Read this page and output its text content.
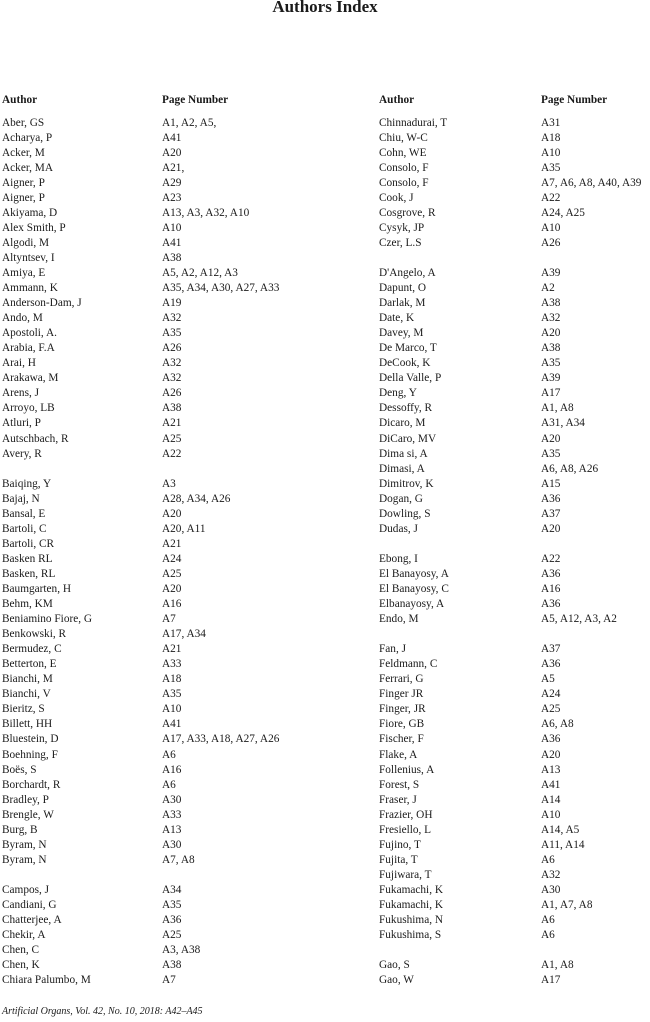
Authors Index
Author	Page Number
Aber, GS	A1, A2, A5,
Acharya, P	A41
Acker, M	A20
Acker, MA	A21,
Aigner, P	A29
Aigner, P	A23
Akiyama, D	A13, A3, A32, A10
Alex Smith, P	A10
Algodi, M	A41
Altyntsev, I	A38
Amiya, E	A5, A2, A12, A3
Ammann, K	A35, A34, A30, A27, A33
Anderson-Dam, J	A19
Ando, M	A32
Apostoli, A.	A35
Arabia, F.A	A26
Arai, H	A32
Arakawa, M	A32
Arens, J	A26
Arroyo, LB	A38
Atluri, P	A21
Autschbach, R	A25
Avery, R	A22
Baiqing, Y	A3
Bajaj, N	A28, A34, A26
Bansal, E	A20
Bartoli, C	A20, A11
Bartoli, CR	A21
Basken RL	A24
Basken, RL	A25
Baumgarten, H	A20
Behm, KM	A16
Beniamino Fiore, G	A7
Benkowski, R	A17, A34
Bermudez, C	A21
Betterton, E	A33
Bianchi, M	A18
Bianchi, V	A35
Bieritz, S	A10
Billett, HH	A41
Bluestein, D	A17, A33, A18, A27, A26
Boehning, F	A6
Boës, S	A16
Borchardt, R	A6
Bradley, P	A30
Brengle, W	A33
Burg, B	A13
Byram, N	A30
Byram, N	A7, A8
Campos, J	A34
Candiani, G	A35
Chatterjee, A	A36
Chekir, A	A25
Chen, C	A3, A38
Chen, K	A38
Chiara Palumbo, M	A7
Author	Page Number
Chinnadurai, T	A31
Chiu, W-C	A18
Cohn, WE	A10
Consolo, F	A35
Consolo, F	A7, A6, A8, A40, A39
Cook, J	A22
Cosgrove, R	A24, A25
Cysyk, JP	A10
Czer, L.S	A26
D'Angelo, A	A39
Dapunt, O	A2
Darlak, M	A38
Date, K	A32
Davey, M	A20
De Marco, T	A38
DeCook, K	A35
Della Valle, P	A39
Deng, Y	A17
Dessoffy, R	A1, A8
Dicaro, M	A31, A34
DiCaro, MV	A20
Dima si, A	A35
Dimasi, A	A6, A8, A26
Dimitrov, K	A15
Dogan, G	A36
Dowling, S	A37
Dudas, J	A20
Ebong, I	A22
El Banayosy, A	A36
El Banayosy, C	A16
Elbanayosy, A	A36
Endo, M	A5, A12, A3, A2
Fan, J	A37
Feldmann, C	A36
Ferrari, G	A5
Finger JR	A24
Finger, JR	A25
Fiore, GB	A6, A8
Fischer, F	A36
Flake, A	A20
Follenius, A	A13
Forest, S	A41
Fraser, J	A14
Frazier, OH	A10
Fresiello, L	A14, A5
Fujino, T	A11, A14
Fujita, T	A6
Fujiwara, T	A32
Fukamachi, K	A30
Fukamachi, K	A1, A7, A8
Fukushima, N	A6
Fukushima, S	A6
Gao, S	A1, A8
Gao, W	A17
Artificial Organs, Vol. 42, No. 10, 2018: A42–A45
